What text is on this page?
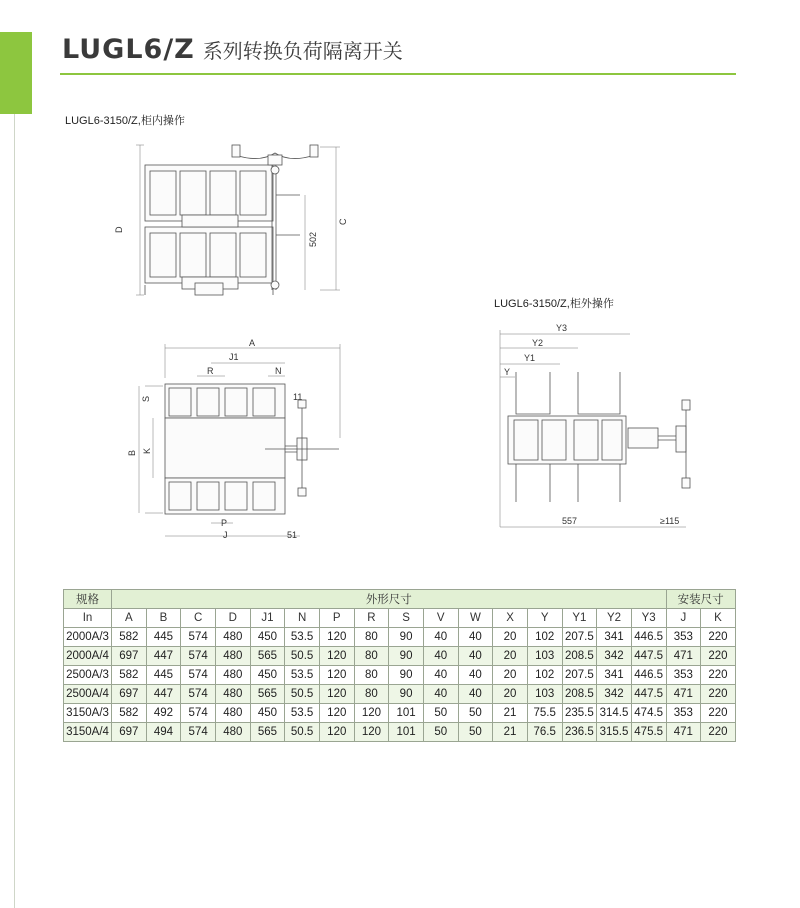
LUGL6/Z 系列转换负荷隔离开关
LUGL6-3150/Z,柜内操作
LUGL6-3150/Z,柜外操作
D
502
C
A
J1
R	N
S	11
B K
P
J	51
Y3
Y2
Y1
Y
557	≥115
规格	外形尺寸																安装尺寸	
In	A	B	C	D	J1	N	P	R	S	V	W	X	Y	Y1	Y2	Y3	J	K
2000A/3	582	445	574	480	450	53.5	120	80	90	40	40	20	102	207.5	341	446.5	353	220
2000A/4	697	447	574	480	565	50.5	120	80	90	40	40	20	103	208.5	342	447.5	471	220
2500A/3	582	445	574	480	450	53.5	120	80	90	40	40	20	102	207.5	341	446.5	353	220
2500A/4	697	447	574	480	565	50.5	120	80	90	40	40	20	103	208.5	342	447.5	471	220
3150A/3	582	492	574	480	450	53.5	120	120	101	50	50	21	75.5	235.5	314.5	474.5	353	220
3150A/4	697	494	574	480	565	50.5	120	120	101	50	50	21	76.5	236.5	315.5	475.5	471	220
